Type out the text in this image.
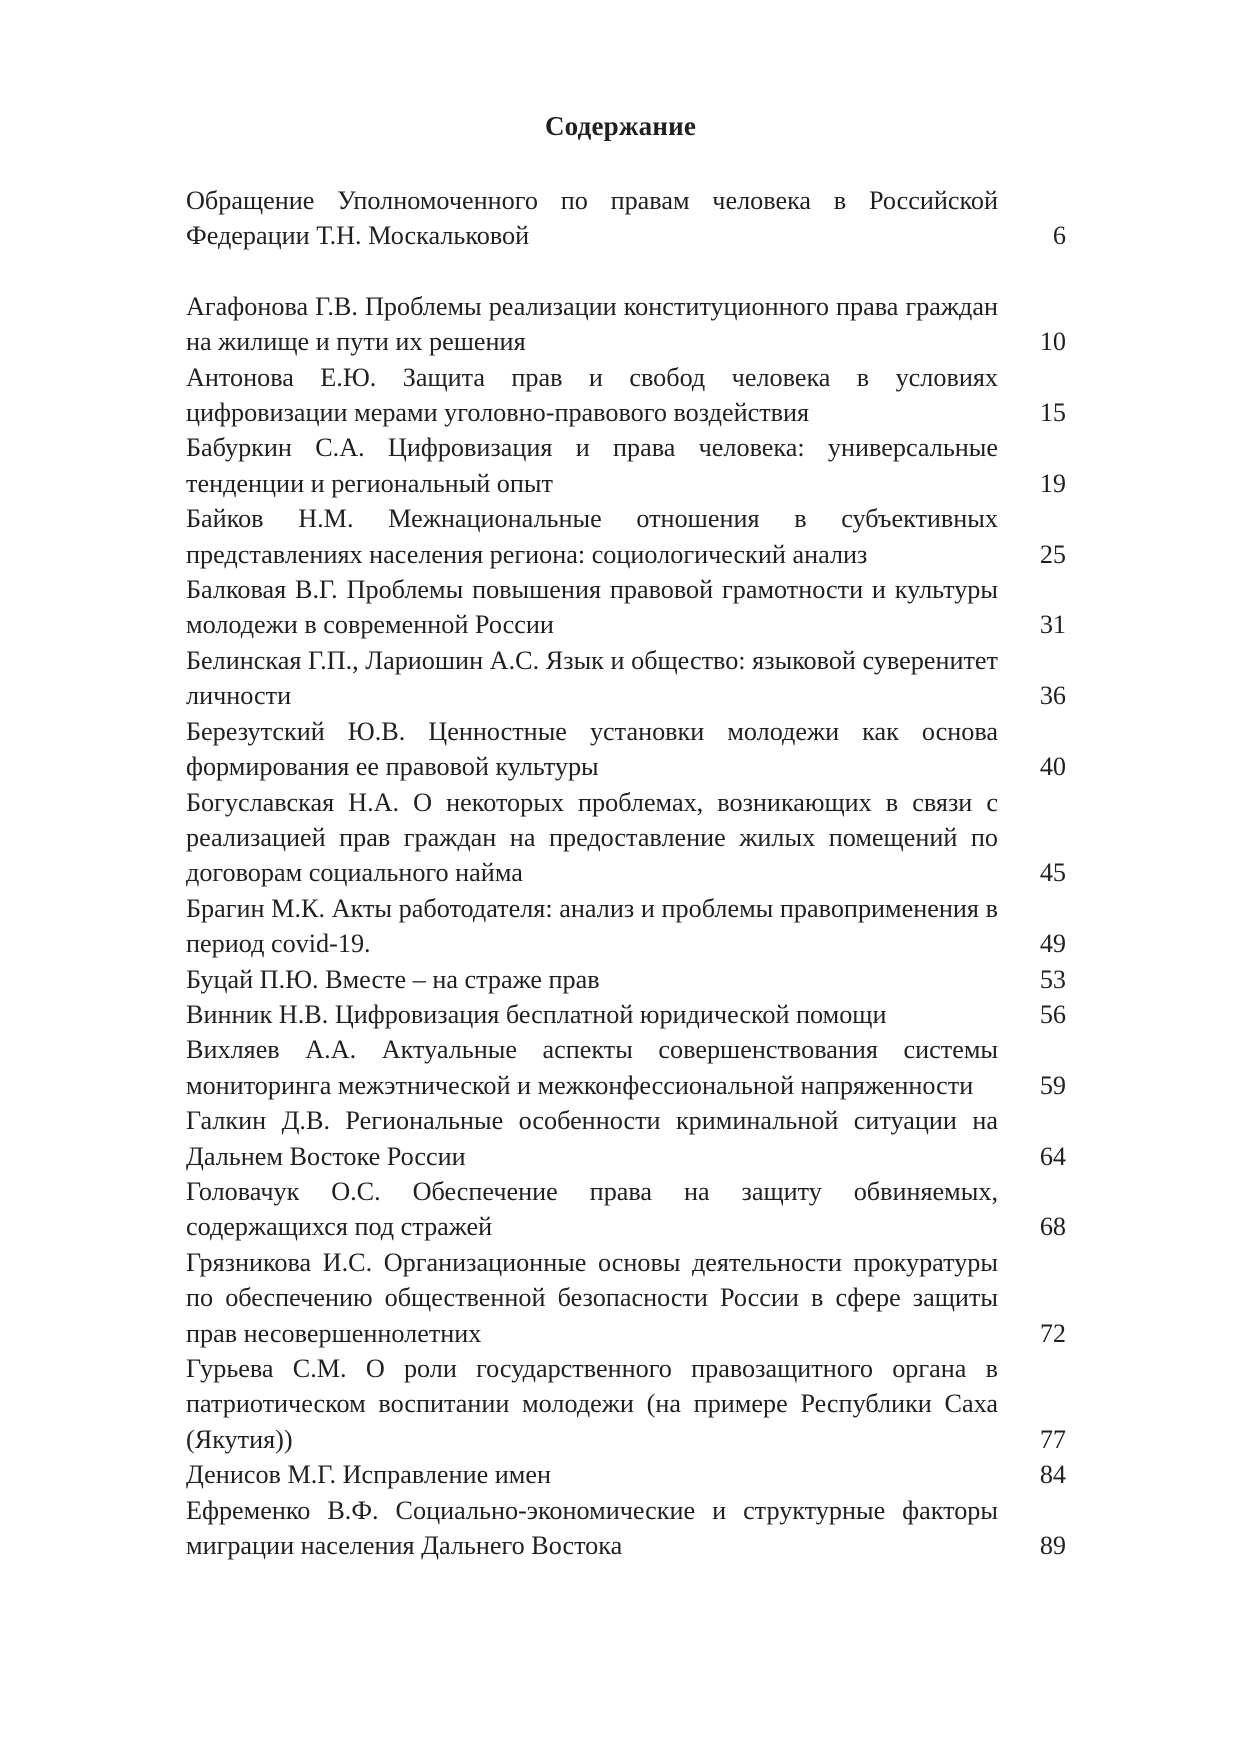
Содержание
Обращение Уполномоченного по правам человека в Российской Федерации Т.Н. Москальковой	6
Агафонова Г.В. Проблемы реализации конституционного права граждан на жилище и пути их решения	10
Антонова Е.Ю. Защита прав и свобод человека в условиях цифровизации мерами уголовно-правового воздействия	15
Бабуркин С.А. Цифровизация и права человека: универсальные тенденции и региональный опыт	19
Байков Н.М. Межнациональные отношения в субъективных представлениях населения региона: социологический анализ	25
Балковая В.Г. Проблемы повышения правовой грамотности и культуры молодежи в современной России	31
Белинская Г.П., Лариошин А.С. Язык и общество: языковой суверенитет личности	36
Березутский Ю.В. Ценностные установки молодежи как основа формирования ее правовой культуры	40
Богуславская Н.А. О некоторых проблемах, возникающих в связи с реализацией прав граждан на предоставление жилых помещений по договорам социального найма	45
Брагин М.К. Акты работодателя: анализ и проблемы правоприменения в период covid-19.	49
Буцай П.Ю. Вместе – на страже прав	53
Винник Н.В. Цифровизация бесплатной юридической помощи	56
Вихляев А.А. Актуальные аспекты совершенствования системы мониторинга межэтнической и межконфессиональной напряженности	59
Галкин Д.В. Региональные особенности криминальной ситуации на Дальнем Востоке России	64
Головачук О.С. Обеспечение права на защиту обвиняемых, содержащихся под стражей	68
Грязникова И.С. Организационные основы деятельности прокуратуры по обеспечению общественной безопасности России в сфере защиты прав несовершеннолетних	72
Гурьева С.М. О роли государственного правозащитного органа в патриотическом воспитании молодежи (на примере Республики Саха (Якутия))	77
Денисов М.Г. Исправление имен	84
Ефременко В.Ф. Социально-экономические и структурные факторы миграции населения Дальнего Востока	89
